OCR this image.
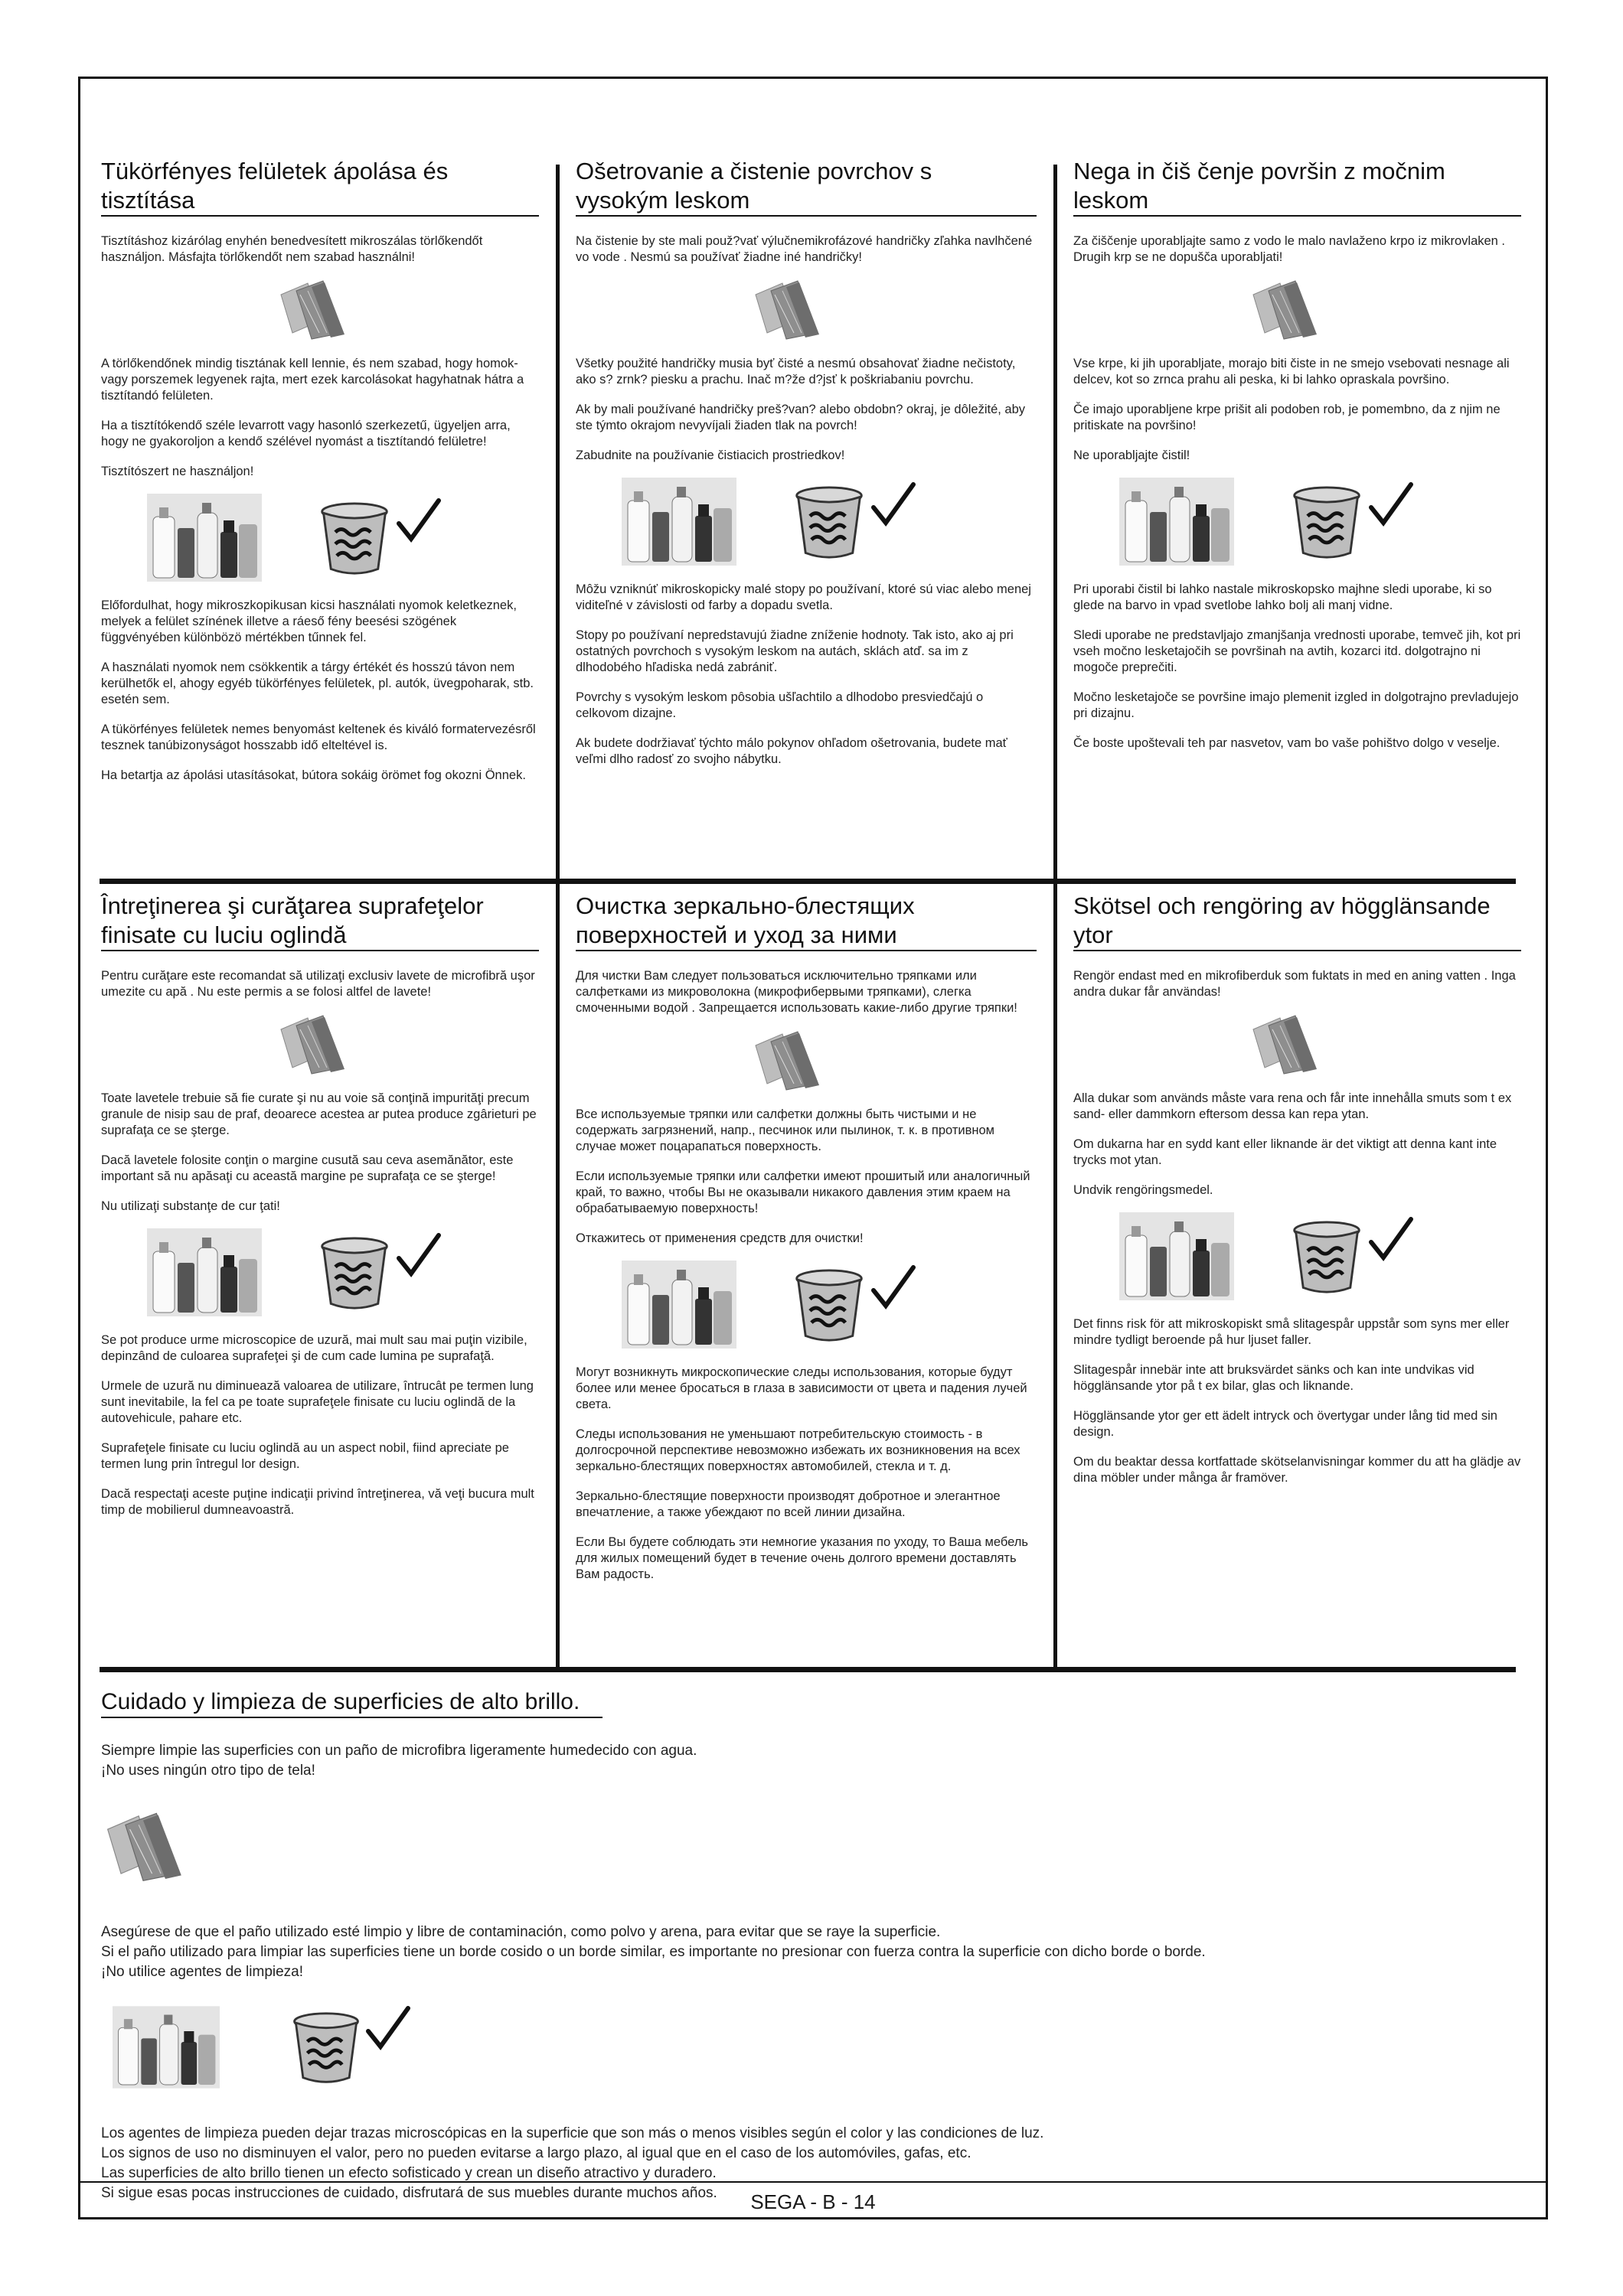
Tükörfényes felületek ápolása és tisztítása

Tisztításhoz kizárólag enyhén benedvesített mikroszálas törlőkendőt használjon. Másfajta törlőkendőt nem szabad használni!

A törlőkendőnek mindig tisztának kell lennie, és nem szabad, hogy homok- vagy porszemek legyenek rajta, mert ezek karcolásokat hagyhatnak hátra a tisztítandó felületen.

Ha a tisztítókendő széle levarrott vagy hasonló szerkezetű, ügyeljen arra, hogy ne gyakoroljon a kendő szélével nyomást a tisztítandó felületre!

Tisztítószert ne használjon!

Előfordulhat, hogy mikroszkopikusan kicsi használati nyomok keletkeznek, melyek a felület színének illetve a ráeső fény beesési szögének függvényében különbözö mértékben tűnnek fel.

A használati nyomok nem csökkentik a tárgy értékét és hosszú távon nem kerülhetők el, ahogy egyéb tükörfényes felületek, pl. autók, üvegpoharak, stb. esetén sem.

A tükörfényes felületek nemes benyomást keltenek és kiváló formatervezésről tesznek tanúbizonyságot hosszabb idő elteltével is.

Ha betartja az ápolási utasításokat, bútora sokáig örömet fog okozni Önnek.

Ošetrovanie a čistenie povrchov s vysokým leskom

Na čistenie by ste mali použ?vať výlučnemikrofázové handričky zľahka navlhčené vo vode . Nesmú sa používať žiadne iné handričky!

Všetky použité handričky musia byť čisté a nesmú obsahovať žiadne nečistoty, ako s? zrnk? piesku a prachu. Inač m?že d?jsť k poškriabaniu povrchu.

Ak by mali používané handričky preš?van? alebo obdobn? okraj, je dôležité, aby ste týmto okrajom nevyvíjali žiaden tlak na povrch!

Zabudnite na používanie čistiacich prostriedkov!

Môžu vzniknúť mikroskopicky malé stopy po používaní, ktoré sú viac alebo menej viditeľné v závislosti od farby a dopadu svetla.

Stopy po používaní nepredstavujú žiadne zníženie hodnoty. Tak isto, ako aj pri ostatných povrchoch s vysokým leskom na autách, sklách atď. sa im z dlhodobého hľadiska nedá zabrániť.

Povrchy s vysokým leskom pôsobia ušľachtilo a dlhodobo presviedčajú o celkovom dizajne.

Ak budete dodržiavať týchto málo pokynov ohľadom ošetrovania, budete mať veľmi dlho radosť zo svojho nábytku.

Nega in čiš čenje površin z močnim leskom

Za čiščenje uporabljajte samo z vodo le malo navlaženo krpo iz mikrovlaken . Drugih krp se ne dopušča uporabljati!

Vse krpe, ki jih uporabljate, morajo biti čiste in ne smejo vsebovati nesnage ali delcev, kot so zrnca prahu ali peska, ki bi lahko opraskala površino.

Če imajo uporabljene krpe prišit ali podoben rob, je pomembno, da z njim ne pritiskate na površino!

Ne uporabljajte čistil!

Pri uporabi čistil bi lahko nastale mikroskopsko majhne sledi uporabe, ki so glede na barvo in vpad svetlobe lahko bolj ali manj vidne.

Sledi uporabe ne predstavljajo zmanjšanja vrednosti uporabe, temveč jih, kot pri vseh močno lesketajočih se površinah na avtih, kozarci itd. dolgotrajno ni mogoče preprečiti.

Močno lesketajoče se površine imajo plemenit izgled in dolgotrajno prevladujejo pri dizajnu.

Če boste upoštevali teh par nasvetov, vam bo vaše pohištvo dolgo v veselje.

Întreţinerea şi curăţarea suprafeţelor finisate cu luciu oglindă

Pentru curăţare este recomandat să utilizaţi exclusiv lavete de microfibră uşor umezite cu apă . Nu este permis a se folosi altfel de lavete!

Toate lavetele trebuie să fie curate şi nu au voie să conţină impurităţi precum granule de nisip sau de praf, deoarece acestea ar putea produce zgârieturi pe suprafaţa ce se şterge.

Dacă lavetele folosite conţin o margine cusută sau ceva asemănător, este important să nu apăsaţi cu această margine pe suprafaţa ce se şterge!

Nu utilizaţi substanţe de cur ţati!

Se pot produce urme microscopice de uzură, mai mult sau mai puţin vizibile, depinzând de culoarea suprafeţei şi de cum cade lumina pe suprafaţă.

Urmele de uzură nu diminuează valoarea de utilizare, întrucât pe termen lung sunt inevitabile, la fel ca pe toate suprafeţele finisate cu luciu oglindă de la autovehicule, pahare etc.

Suprafeţele finisate cu luciu oglindă au un aspect nobil, fiind apreciate pe termen lung prin întregul lor design.

Dacă respectaţi aceste puţine indicaţii privind întreţinerea, vă veţi bucura mult timp de mobilierul dumneavoastră.

Очистка зеркально-блестящих поверхностей и уход за ними

Для чистки Вам следует пользоваться исключительно тряпками или салфетками из микроволокна (микрофибервыми тряпками), слегка смоченными водой . Запрещается использовать какие-либо другие тряпки!

Все используемые тряпки или салфетки должны быть чистыми и не содержать загрязнений, напр., песчинок или пылинок, т. к. в противном случае может поцарапаться поверхность.

Если используемые тряпки или салфетки имеют прошитый или аналогичный край, то важно, чтобы Вы не оказывали никакого давления этим краем на обрабатываемую поверхность!

Откажитесь от применения средств для очистки!

Могут возникнуть микроскопические следы использования, которые будут более или менее бросаться в глаза в зависимости от цвета и падения лучей света.

Следы использования не уменьшают потребительскую стоимость - в долгосрочной перспективе невозможно избежать их возникновения на всех зеркально-блестящих поверхностях автомобилей, стекла и т. д.

Зеркально-блестящие поверхности производят добротное и элегантное впечатление, а также убеждают по всей линии дизайна.

Если Вы будете соблюдать эти немногие указания по уходу, то Ваша мебель для жилых помещений будет в течение очень долгого времени доставлять Вам радость.

Skötsel och rengöring av högglänsande ytor

Rengör endast med en mikrofiberduk som fuktats in med en aning vatten . Inga andra dukar får användas!

Alla dukar som används måste vara rena och får inte innehålla smuts som t ex sand- eller dammkorn eftersom dessa kan repa ytan.

Om dukarna har en sydd kant eller liknande är det viktigt att denna kant inte trycks mot ytan.

Undvik rengöringsmedel.

Det finns risk för att mikroskopiskt små slitagespår uppstår som syns mer eller mindre tydligt beroende på hur ljuset faller.

Slitagespår innebär inte att bruksvärdet sänks och kan inte undvikas vid högglänsande ytor på t ex bilar, glas och liknande.

Högglänsande ytor ger ett ädelt intryck och övertygar under lång tid med sin design.

Om du beaktar dessa kortfattade skötselanvisningar kommer du att ha glädje av dina möbler under många år framöver.

Cuidado y limpieza de superficies de alto brillo.

Siempre limpie las superficies con un paño de microfibra ligeramente humedecido con agua.
¡No uses ningún otro tipo de tela!

Asegúrese de que el paño utilizado esté limpio y libre de contaminación, como polvo y arena, para evitar que se raye la superficie.
Si el paño utilizado para limpiar las superficies tiene un borde cosido o un borde similar, es importante no presionar con fuerza contra la superficie con dicho borde o borde.
¡No utilice agentes de limpieza!

Los agentes de limpieza pueden dejar trazas microscópicas en la superficie que son más o menos visibles según el color y las condiciones de luz.
Los signos de uso no disminuyen el valor, pero no pueden evitarse a largo plazo, al igual que en el caso de los automóviles, gafas, etc.
Las superficies de alto brillo tienen un efecto sofisticado y crean un diseño atractivo y duradero.
Si sigue esas pocas instrucciones de cuidado, disfrutará de sus muebles durante muchos años.	SEGA - B - 14
